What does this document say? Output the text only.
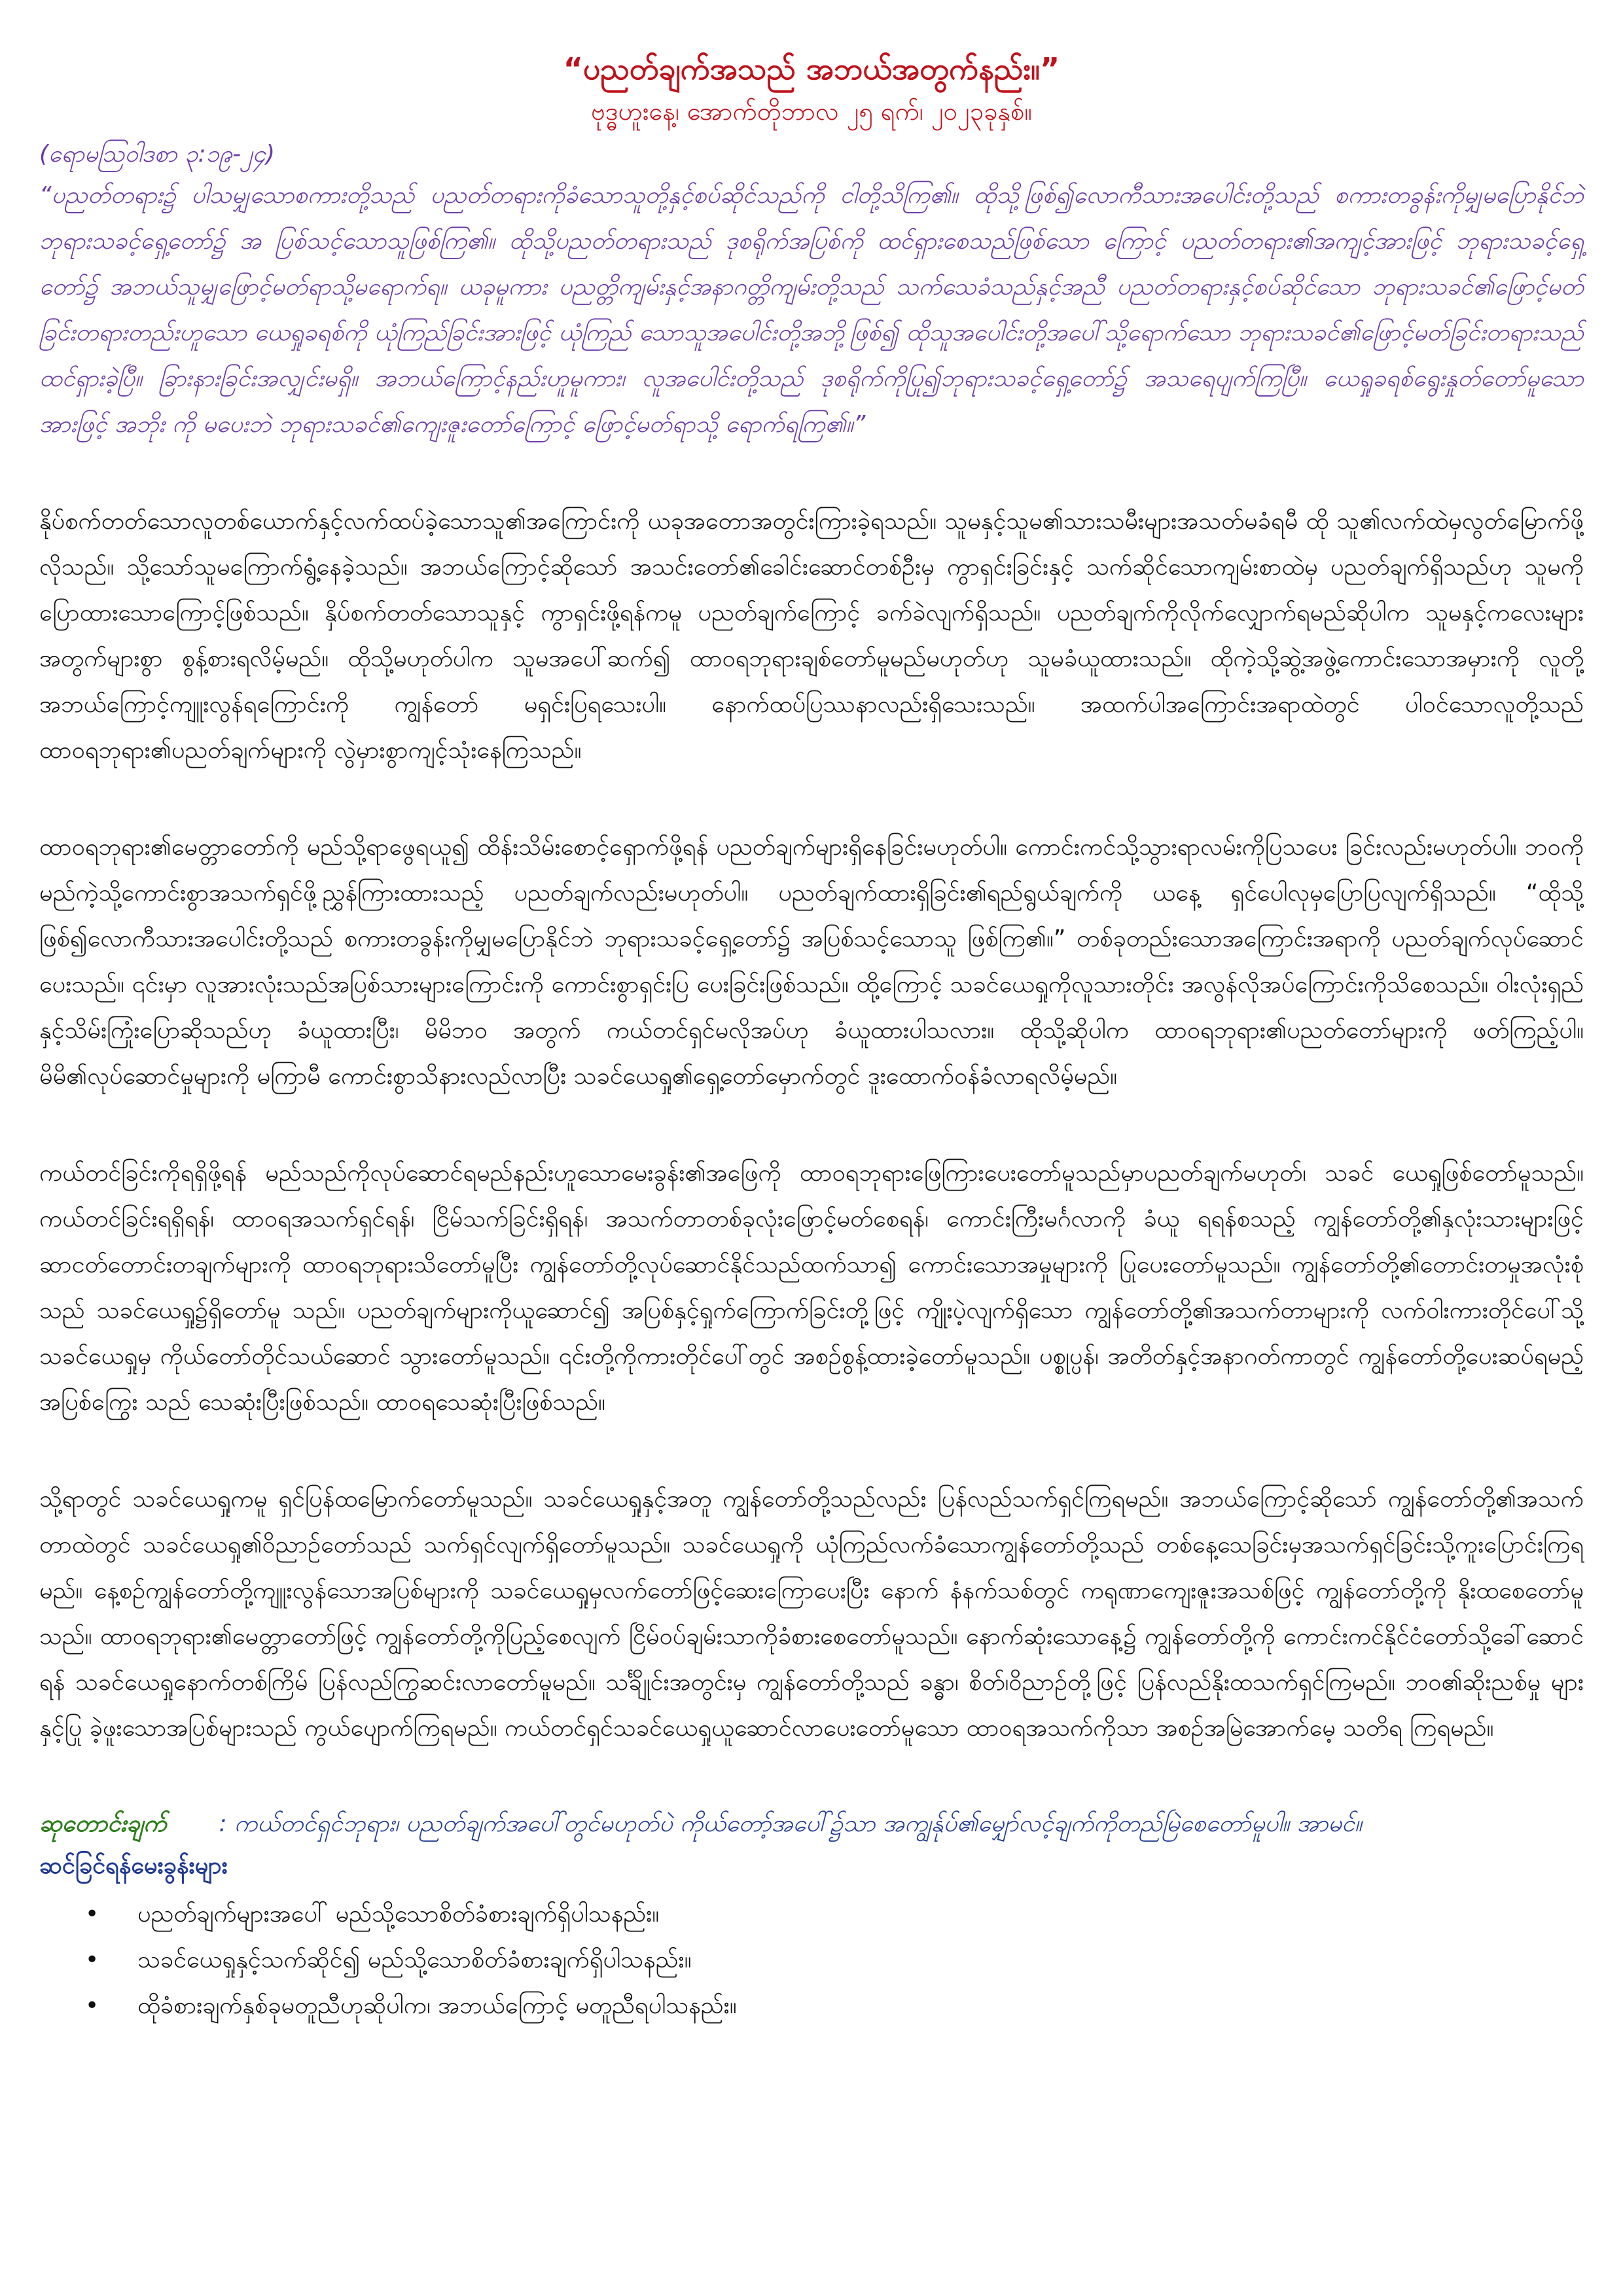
“ပညတ်ချက်အသည် အဘယ်အတွက်နည်း။”

ဗုဒ္ဓဟူးနေ့၊ အောက်တိုဘာလ ၂၅ ရက်၊ ၂၀၂၃ခုနှစ်။

(ရောမသြဝါဒစာ ၃:၁၉-၂၄)

“ပညတ်တရား၌ ပါသမျှသောစကားတို့သည် ပညတ်တရားကိုခံသောသူတို့နှင့်စပ်ဆိုင်သည်ကို ငါတို့သိကြ၏။ ထိုသို့ဖြစ်၍လောကီသားအပေါင်းတို့သည် စကားတခွန်းကိုမျှမပြောနိုင်ဘဲ ဘုရားသခင့်ရှေ့တော်၌ အ ပြစ်သင့်သောသူဖြစ်ကြ၏။ ထိုသို့ပညတ်တရားသည် ဒုစရိုက်အပြစ်ကို ထင်ရှားစေသည်ဖြစ်သော ကြောင့် ပညတ်တရား၏အကျင့်အားဖြင့် ဘုရားသခင့်ရှေ့တော်၌ အဘယ်သူမျှဖြောင့်မတ်ရာသို့မရောက်ရ။ ယခုမူကား ပညတ္တိကျမ်းနှင့်အနာဂတ္တိကျမ်းတို့သည် သက်သေခံသည်နှင့်အညီ ပညတ်တရားနှင့်စပ်ဆိုင်သော ဘုရားသခင်၏ဖြောင့်မတ်ခြင်းတရားတည်းဟူသော ယေရှုခရစ်ကို ယုံကြည်ခြင်းအားဖြင့် ယုံကြည် သောသူအပေါင်းတို့အဘို့ဖြစ်၍ ထိုသူအပေါင်းတို့အပေါ်သို့ရောက်သော ဘုရားသခင်၏ဖြောင့်မတ်ခြင်းတရားသည် ထင်ရှားခဲ့ပြီ။ ခြားနားခြင်းအလျှင်းမရှိ။ အဘယ်ကြောင့်နည်းဟူမူကား၊ လူအပေါင်းတို့သည် ဒုစရိုက်ကိုပြု၍ဘုရားသခင့်ရှေ့တော်၌ အသရေပျက်ကြပြီ။ ယေရှုခရစ်ရွေးနှုတ်တော်မူသောအားဖြင့် အဘိုး ကို မပေးဘဲ ဘုရားသခင်၏ကျေးဇူးတော်ကြောင့် ဖြောင့်မတ်ရာသို့ ရောက်ရကြ၏။”

နိုပ်စက်တတ်သောလူတစ်ယောက်နှင့်လက်ထပ်ခဲ့သောသူ၏အကြောင်းကို ယခုအတောအတွင်းကြားခဲ့ရသည်။ သူမနှင့်သူမ၏သားသမီးများအသတ်မခံရမီ ထို သူ၏လက်ထဲမှလွတ်မြောက်ဖို့လိုသည်။ သို့သော်သူမကြောက်ရွံ့နေခဲ့သည်။ အဘယ်ကြောင့်ဆိုသော် အသင်းတော်၏ခေါင်းဆောင်တစ်ဦးမှ ကွာရှင်းခြင်းနှင့် သက်ဆိုင်သောကျမ်းစာထဲမှ ပညတ်ချက်ရှိသည်ဟု သူမကိုပြောထားသောကြောင့်ဖြစ်သည်။ နှိပ်စက်တတ်သောသူနှင့် ကွာရှင်းဖို့ရန်ကမူ ပညတ်ချက်ကြောင့် ခက်ခဲလျက်ရှိသည်။ ပညတ်ချက်ကိုလိုက်လျှောက်ရမည်ဆိုပါက သူမနှင့်ကလေးများအတွက်များစွာ စွန့်စားရလိမ့်မည်။ ထိုသို့မဟုတ်ပါက သူမအပေါ်ဆက်၍ ထာဝရဘုရားချစ်တော်မူမည်မဟုတ်ဟု သူမခံယူထားသည်။ ထိုကဲ့သို့ဆွဲ့အဖွဲ့ကောင်းသောအမှားကို လူတို့အဘယ်ကြောင့်ကျူးလွန်ရကြောင်းကို ကျွန်တော် မရှင်းပြရသေးပါ။ နောက်ထပ်ပြဿနာလည်းရှိသေးသည်။ အထက်ပါအကြောင်းအရာထဲတွင် ပါဝင်သောလူတို့သည် ထာဝရဘုရား၏ပညတ်ချက်များကို လွဲမှားစွာကျင့်သုံးနေကြသည်။

ထာဝရဘုရား၏မေတ္တာတော်ကို မည်သို့ရာဖွေရယူ၍ ထိန်းသိမ်းစောင့်ရှောက်ဖို့ရန် ပညတ်ချက်များရှိနေခြင်းမဟုတ်ပါ။ ကောင်းကင်သို့သွားရာလမ်းကိုပြသပေး ခြင်းလည်းမဟုတ်ပါ။ ဘဝကို မည်ကဲ့သို့ကောင်းစွာအသက်ရှင်ဖို့ညွှန်ကြားထားသည့် ပညတ်ချက်လည်းမဟုတ်ပါ။ ပညတ်ချက်ထားရှိခြင်း၏ရည်ရွယ်ချက်ကို ယနေ့ ရှင်ပေါလုမှပြောပြလျက်ရှိသည်။ “ထိုသို့ဖြစ်၍လောကီသားအပေါင်းတို့သည် စကားတခွန်းကိုမျှမပြောနိုင်ဘဲ ဘုရားသခင့်ရှေ့တော်၌ အပြစ်သင့်သောသူ ဖြစ်ကြ၏။” တစ်ခုတည်းသောအကြောင်းအရာကို ပညတ်ချက်လုပ်ဆောင်ပေးသည်။ ၎င်းမှာ လူအားလုံးသည်အပြစ်သားများကြောင်းကို ကောင်းစွာရှင်းပြ ပေးခြင်းဖြစ်သည်။ ထို့ကြောင့် သခင်ယေရှုကိုလူသားတိုင်း အလွန်လိုအပ်ကြောင်းကိုသိစေသည်။ ဝါးလုံးရှည်နှင့်သိမ်းကြုံးပြောဆိုသည်ဟု ခံယူထားပြီး၊ မိမိဘဝ အတွက် ကယ်တင်ရှင်မလိုအပ်ဟု ခံယူထားပါသလား။ ထိုသို့ဆိုပါက ထာဝရဘုရား၏ပညတ်တော်များကို ဖတ်ကြည့်ပါ။ မိမိ၏လုပ်ဆောင်မှုများကို မကြာမီ ကောင်းစွာသိနားလည်လာပြီး သခင်ယေရှု၏ရှေ့တော်မှောက်တွင် ဒူးထောက်ဝန်ခံလာရလိမ့်မည်။

ကယ်တင်ခြင်းကိုရရှိဖို့ရန် မည်သည်ကိုလုပ်ဆောင်ရမည်နည်းဟူသောမေးခွန်း၏အဖြေကို ထာဝရဘုရားဖြေကြားပေးတော်မူသည်မှာပညတ်ချက်မဟုတ်၊ သခင် ယေရှုဖြစ်တော်မူသည်။ ကယ်တင်ခြင်းရရှိရန်၊ ထာဝရအသက်ရှင်ရန်၊ ငြိမ်သက်ခြင်းရှိရန်၊ အသက်တာတစ်ခုလုံးဖြောင့်မတ်စေရန်၊ ကောင်းကြီးမင်္ဂလာကို ခံယူ ရရန်စသည့် ကျွန်တော်တို့၏နှလုံးသားများဖြင့် ဆာငတ်တောင်းတချက်များကို ထာဝရဘုရားသိတော်မူပြီး ကျွန်တော်တို့လုပ်ဆောင်နိုင်သည်ထက်သာ၍ ကောင်းသောအမှုများကို ပြုပေးတော်မူသည်။ ကျွန်တော်တို့၏တောင်းတမှုအလုံးစုံသည် သခင်ယေရှု၌ရှိတော်မူ သည်။ ပညတ်ချက်များကိုယူဆောင်၍ အပြစ်နှင့်ရှုက်ကြောက်ခြင်းတို့ဖြင့် ကျိုးပဲ့လျက်ရှိသော ကျွန်တော်တို့၏အသက်တာများကို လက်ဝါးကားတိုင်ပေါ်သို့ သခင်ယေရှုမှ ကိုယ်တော်တိုင်သယ်ဆောင် သွားတော်မူသည်။ ၎င်းတို့ကိုကားတိုင်ပေါ်တွင် အစဉ်စွန့်ထားခဲ့တော်မူသည်။ ပစ္စုပ္ပန်၊ အတိတ်နှင့်အနာဂတ်ကာတွင် ကျွန်တော်တို့ပေးဆပ်ရမည့် အပြစ်ကြွေး သည် သေဆုံးပြီးဖြစ်သည်။ ထာဝရသေဆုံးပြီးဖြစ်သည်။

သို့ရာတွင် သခင်ယေရှုကမူ ရှင်ပြန်ထမြောက်တော်မူသည်။ သခင်ယေရှုနှင့်အတူ ကျွန်တော်တို့သည်လည်း ပြန်လည်သက်ရှင်ကြရမည်။ အဘယ်ကြောင့်ဆိုသော် ကျွန်တော်တို့၏အသက်တာထဲတွင် သခင်ယေရှု၏ဝိညာဉ်တော်သည် သက်ရှင်လျက်ရှိတော်မူသည်။ သခင်ယေရှုကို ယုံကြည်လက်ခံသောကျွန်တော်တို့သည် တစ်နေ့သေခြင်းမှအသက်ရှင်ခြင်းသို့ကူးပြောင်းကြရမည်။ နေ့စဉ်ကျွန်တော်တို့ကျူးလွန်သောအပြစ်များကို သခင်ယေရှုမှလက်တော်ဖြင့်ဆေးကြောပေးပြီး နောက် နံနက်သစ်တွင် ကရုဏာကျေးဇူးအသစ်ဖြင့် ကျွန်တော်တို့ကို နိုးထစေတော်မူသည်။ ထာဝရဘုရား၏မေတ္တာတော်ဖြင့် ကျွန်တော်တို့ကိုပြည့်စေလျက် ငြိမ်ဝပ်ချမ်းသာကိုခံစားစေတော်မူသည်။ နောက်ဆုံးသောနေ့၌ ကျွန်တော်တို့ကို ကောင်းကင်နိုင်ငံတော်သို့ခေါ်ဆောင်ရန် သခင်ယေရှုနောက်တစ်ကြိမ် ပြန်လည်ကြွဆင်းလာတော်မူမည်။ သင်္ချိုင်းအတွင်းမှ ကျွန်တော်တို့သည် ခန္ဓာ၊ စိတ်၊ဝိညာဉ်တို့ဖြင့် ပြန်လည်နိုးထသက်ရှင်ကြမည်။ ဘဝ၏ဆိုးညစ်မှု များနှင့်ပြု ခဲ့ဖူးသောအပြစ်များသည် ကွယ်ပျောက်ကြရမည်။ ကယ်တင်ရှင်သခင်ယေရှုယူဆောင်လာပေးတော်မူသော ထာဝရအသက်ကိုသာ အစဉ်အမြဲအောက်မေ့ သတိရ ကြရမည်။

ဆုတောင်းချက် : ကယ်တင်ရှင်ဘုရား၊ ပညတ်ချက်အပေါ်တွင်မဟုတ်ပဲ ကိုယ်တော့်အပေါ်၌သာ အကျွန်ုပ်၏မျှော်လင့်ချက်ကိုတည်မြဲစေတော်မူပါ။ အာမင်။

ဆင်ခြင်ရန်မေးခွန်းများ

• ပညတ်ချက်များအပေါ် မည်သို့သောစိတ်ခံစားချက်ရှိပါသနည်း။
• သခင်ယေရှုနှင့်သက်ဆိုင်၍ မည်သို့သောစိတ်ခံစားချက်ရှိပါသနည်း။
• ထိုခံစားချက်နှစ်ခုမတူညီဟုဆိုပါက၊ အဘယ်ကြောင့် မတူညီရပါသနည်း။
